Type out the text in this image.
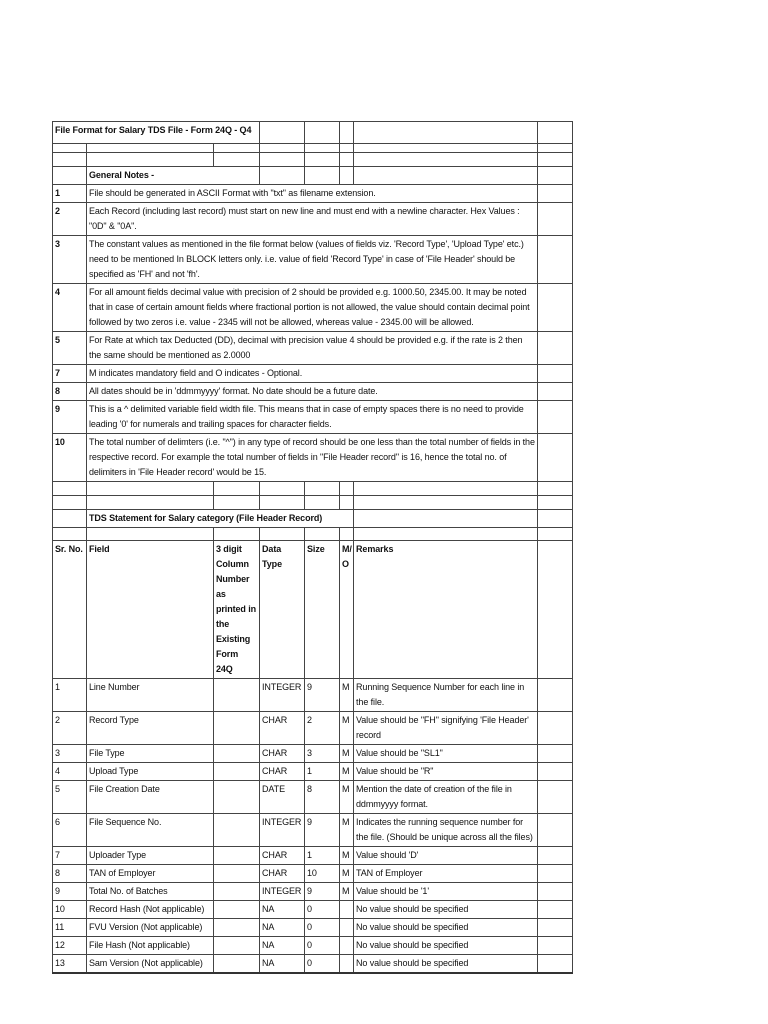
File Format for Salary TDS File - Form 24Q - Q4							

	General Notes -						
1	File should be generated in ASCII Format with "txt" as filename extension.						
2	Each Record (including last record) must start on new line and must end with a newline character. Hex Values : "0D" & "0A".						
3	The constant values as mentioned in the file format below (values of fields viz. 'Record Type', 'Upload Type' etc.) need to be mentioned In BLOCK letters only. i.e. value of field 'Record Type' in case of 'File Header' should be specified as 'FH' and not 'fh'.						
4	For all amount fields decimal value with precision of 2 should be provided e.g. 1000.50, 2345.00. It may be noted that in case of certain amount fields where fractional portion is not allowed, the value should contain decimal point followed by two zeros i.e. value - 2345 will not be allowed, whereas value - 2345.00 will be allowed.						
5	For Rate at which tax Deducted (DD), decimal with precision value 4 should be provided e.g. if the rate is 2 then the same should be mentioned as 2.0000						
7	M indicates mandatory field and O indicates - Optional.						
8	All dates should be in 'ddmmyyyy' format. No date should be a future date.						
9	This is a ^ delimited variable field width file. This means that in case of empty spaces there is no need to provide leading '0' for numerals and trailing spaces for character fields.						
10	The total number of delimters (i.e. "^") in any type of record should be one less than the total number of fields in the respective record. For example the total number of fields in "File Header record" is 16, hence the total no. of delimiters in 'File Header record' would be 15.						

	TDS Statement for Salary category (File Header Record)						

Sr. No.	Field	3 digit Column Number as printed in the Existing Form 24Q	Data Type	Size	M/ O	Remarks	
1	Line Number		INTEGER	9	M	Running Sequence Number for each line in the file.	
2	Record Type		CHAR	2	M	Value should be "FH" signifying 'File Header' record	
3	File Type		CHAR	3	M	Value should be "SL1"	
4	Upload Type		CHAR	1	M	Value should be "R"	
5	File Creation Date		DATE	8	M	Mention the date of creation of the file in ddmmyyyy format.	
6	File Sequence No.		INTEGER	9	M	Indicates the running sequence number for the file. (Should be unique across all the files)	
7	Uploader Type		CHAR	1	M	Value should 'D'	
8	TAN of Employer		CHAR	10	M	TAN of Employer	
9	Total No. of Batches		INTEGER	9	M	Value should be '1'	
10	Record Hash (Not applicable)		NA	0		No value should be specified	
11	FVU Version (Not applicable)		NA	0		No value should be specified	
12	File Hash (Not applicable)		NA	0		No value should be specified	
13	Sam Version (Not applicable)		NA	0		No value should be specified	
